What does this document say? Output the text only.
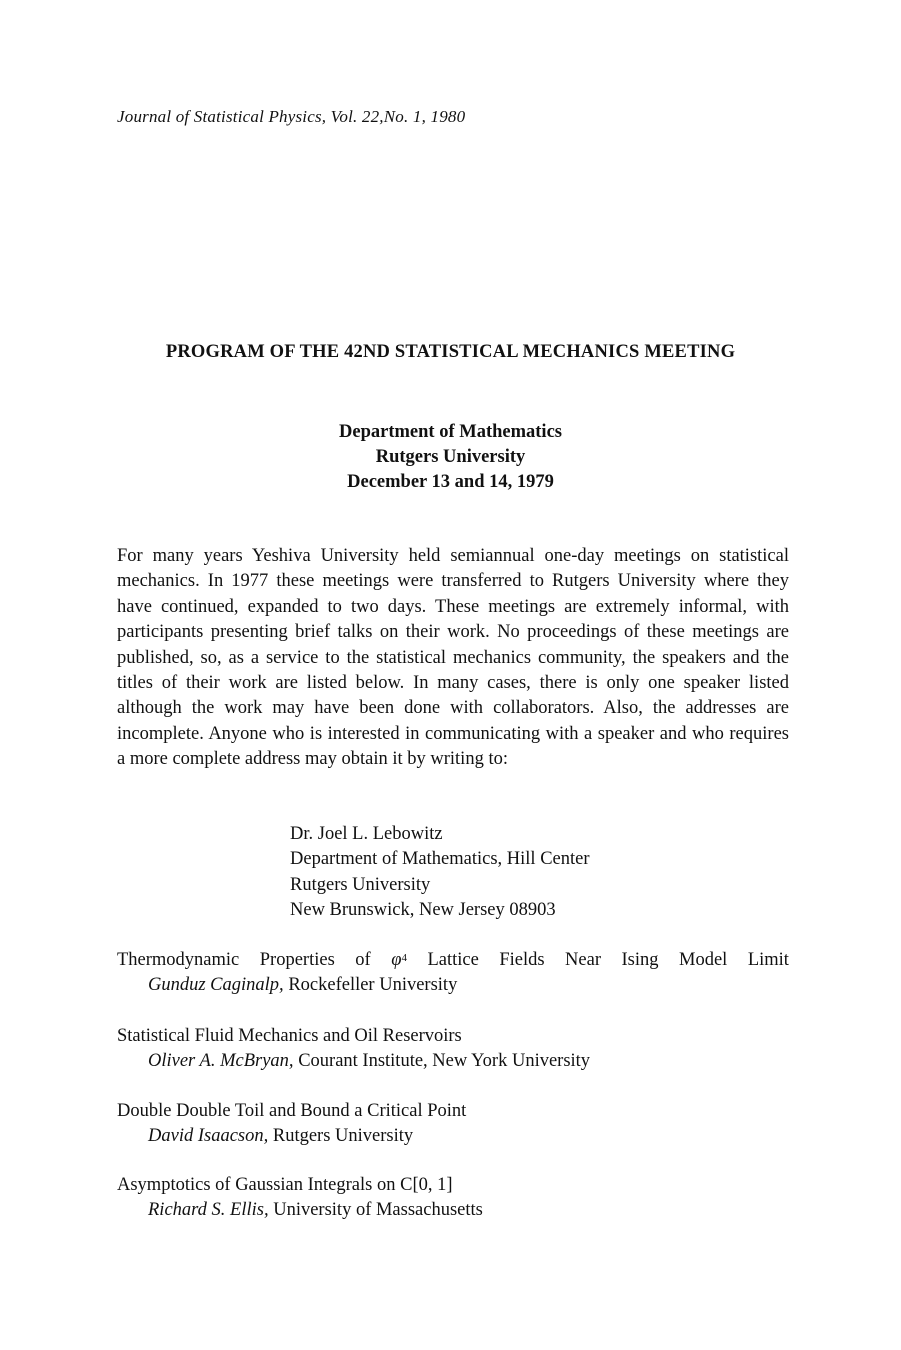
Journal of Statistical Physics, Vol. 22,No. 1, 1980
PROGRAM OF THE 42ND STATISTICAL MECHANICS MEETING
Department of Mathematics
Rutgers University
December 13 and 14, 1979

For many years Yeshiva University held semiannual one-day meetings on statistical mechanics. In 1977 these meetings were transferred to Rutgers University where they have continued, expanded to two days. These meetings are extremely informal, with participants presenting brief talks on their work. No proceedings of these meetings are published, so, as a service to the statistical mechanics community, the speakers and the titles of their work are listed below. In many cases, there is only one speaker listed although the work may have been done with collaborators. Also, the addresses are incomplete. Anyone who is interested in communicating with a speaker and who requires a more complete address may obtain it by writing to:

Dr. Joel L. Lebowitz
Department of Mathematics, Hill Center
Rutgers University
New Brunswick, New Jersey 08903
Thermodynamic Properties of $\varphi^4$ Lattice Fields Near Ising Model Limit
Gunduz Caginalp, Rockefeller University
Statistical Fluid Mechanics and Oil Reservoirs
Oliver A. McBryan, Courant Institute, New York University
Double Double Toil and Bound a Critical Point
David Isaacson, Rutgers University
Asymptotics of Gaussian Integrals on C[0, 1]
Richard S. Ellis, University of Massachusetts
